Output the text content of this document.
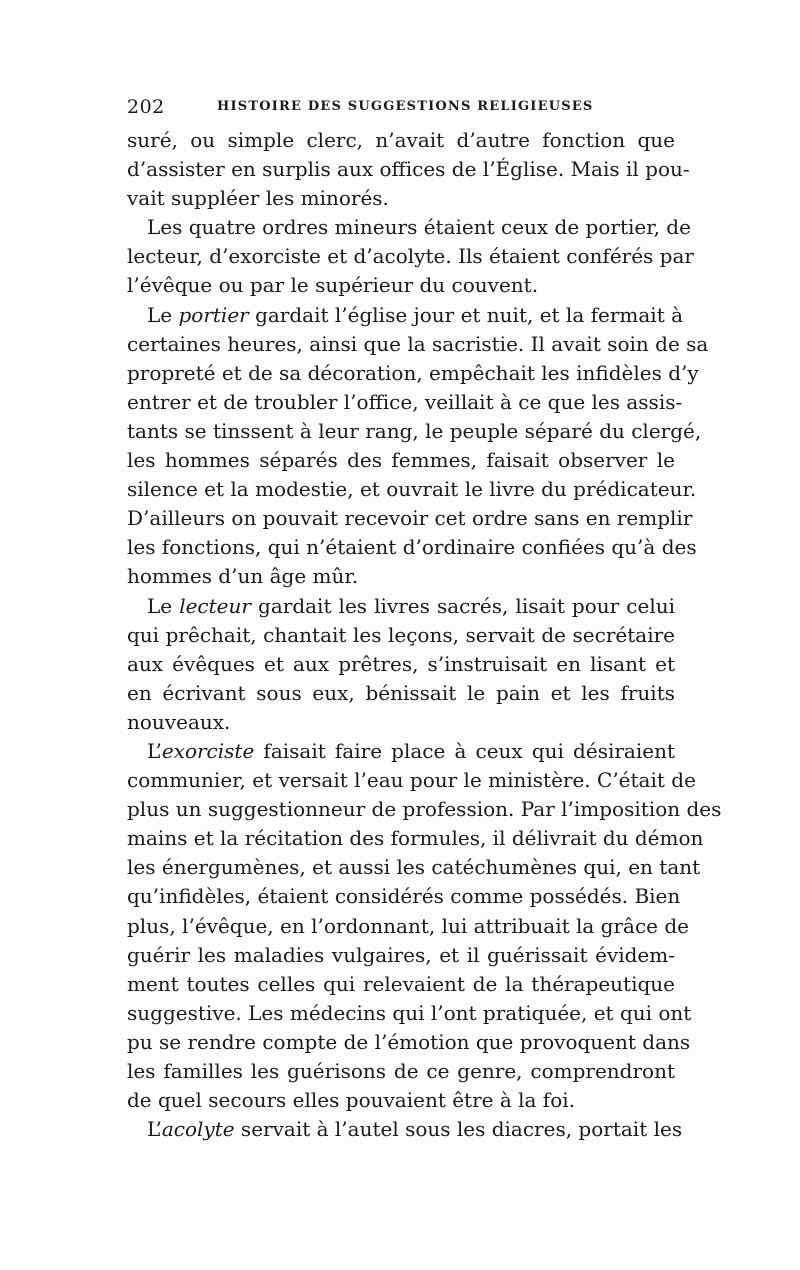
202	HISTOIRE DES SUGGESTIONS RELIGIEUSES
suré, ou simple clerc, n’avait d’autre fonction que
d’assister en surplis aux offices de l’Église. Mais il pou-
vait suppléer les minorés.
Les quatre ordres mineurs étaient ceux de portier, de
lecteur, d’exorciste et d’acolyte. Ils étaient conférés par
l’évêque ou par le supérieur du couvent.
Le portier gardait l’église jour et nuit, et la fermait à
certaines heures, ainsi que la sacristie. Il avait soin de sa
propreté et de sa décoration, empêchait les infidèles d’y
entrer et de troubler l’office, veillait à ce que les assis-
tants se tinssent à leur rang, le peuple séparé du clergé,
les hommes séparés des femmes, faisait observer le
silence et la modestie, et ouvrait le livre du prédicateur.
D’ailleurs on pouvait recevoir cet ordre sans en remplir
les fonctions, qui n’étaient d’ordinaire confiées qu’à des
hommes d’un âge mûr.
Le lecteur gardait les livres sacrés, lisait pour celui
qui prêchait, chantait les leçons, servait de secrétaire
aux évêques et aux prêtres, s’instruisait en lisant et
en écrivant sous eux, bénissait le pain et les fruits
nouveaux.
L’exorciste faisait faire place à ceux qui désiraient
communier, et versait l’eau pour le ministère. C’était de
plus un suggestionneur de profession. Par l’imposition des
mains et la récitation des formules, il délivrait du démon
les énergumènes, et aussi les catéchumènes qui, en tant
qu’infidèles, étaient considérés comme possédés. Bien
plus, l’évêque, en l’ordonnant, lui attribuait la grâce de
guérir les maladies vulgaires, et il guérissait évidem-
ment toutes celles qui relevaient de la thérapeutique
suggestive. Les médecins qui l’ont pratiquée, et qui ont
pu se rendre compte de l’émotion que provoquent dans
les familles les guérisons de ce genre, comprendront
de quel secours elles pouvaient être à la foi.
L’acolyte servait à l’autel sous les diacres, portait les
